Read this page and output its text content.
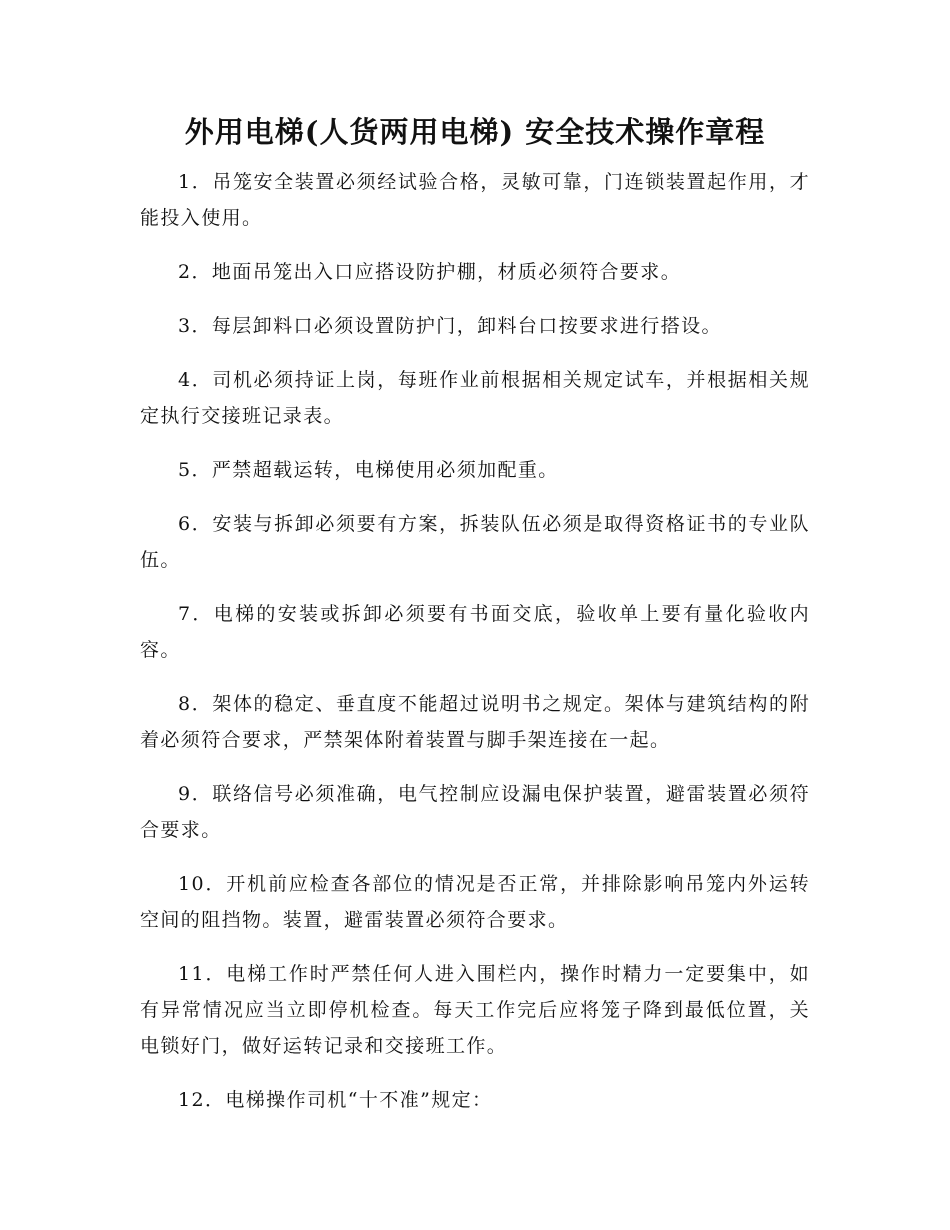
外用电梯(人货两用电梯) 安全技术操作章程

1．吊笼安全装置必须经试验合格，灵敏可靠，门连锁装置起作用，才能投入使用。

2．地面吊笼出入口应搭设防护棚，材质必须符合要求。

3．每层卸料口必须设置防护门，卸料台口按要求进行搭设。

4．司机必须持证上岗，每班作业前根据相关规定试车，并根据相关规定执行交接班记录表。

5．严禁超载运转，电梯使用必须加配重。

6．安装与拆卸必须要有方案，拆装队伍必须是取得资格证书的专业队伍。

7．电梯的安装或拆卸必须要有书面交底，验收单上要有量化验收内容。

8．架体的稳定、垂直度不能超过说明书之规定。架体与建筑结构的附着必须符合要求，严禁架体附着装置与脚手架连接在一起。

9．联络信号必须准确，电气控制应设漏电保护装置，避雷装置必须符合要求。

10．开机前应检查各部位的情况是否正常，并排除影响吊笼内外运转空间的阻挡物。装置，避雷装置必须符合要求。

11．电梯工作时严禁任何人进入围栏内，操作时精力一定要集中，如有异常情况应当立即停机检查。每天工作完后应将笼子降到最低位置，关电锁好门，做好运转记录和交接班工作。

12．电梯操作司机“十不准”规定：
